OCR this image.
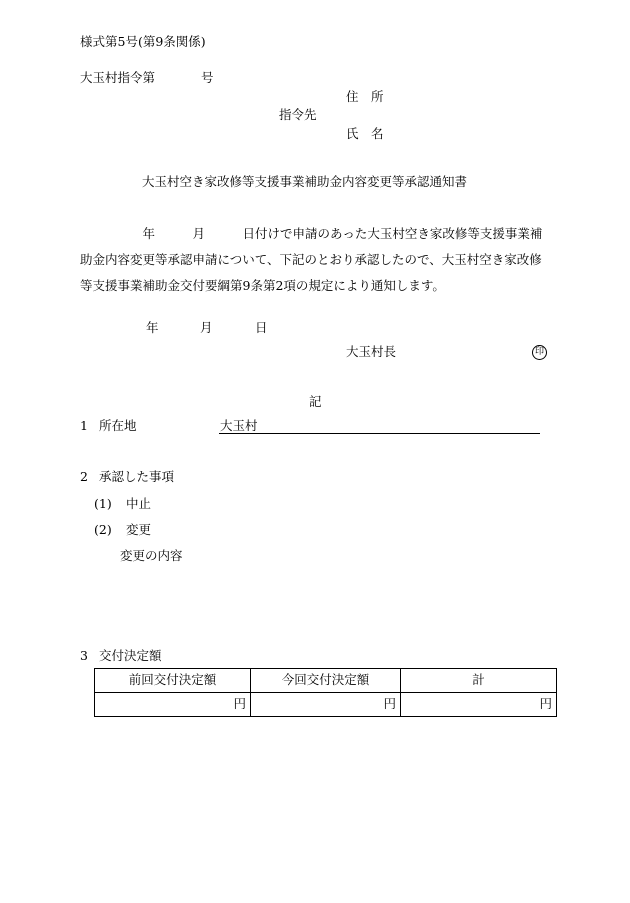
様式第5号(第9条関係)
大玉村指令第	号
住　所
指令先
氏　名
大玉村空き家改修等支援事業補助金内容変更等承認通知書
　　　　　年　　　月　　　日付けで申請のあった大玉村空き家改修等支援事業補助金内容変更等承認申請について、下記のとおり承認したので、大玉村空き家改修等支援事業補助金交付要綱第9条第2項の規定により通知します。
年	月	日
大玉村長	印
記
1 所在地	大玉村
2 承認した事項
(1) 中止
(2) 変更
変更の内容
3 交付決定額
前回交付決定額	今回交付決定額	計
円	円	円
